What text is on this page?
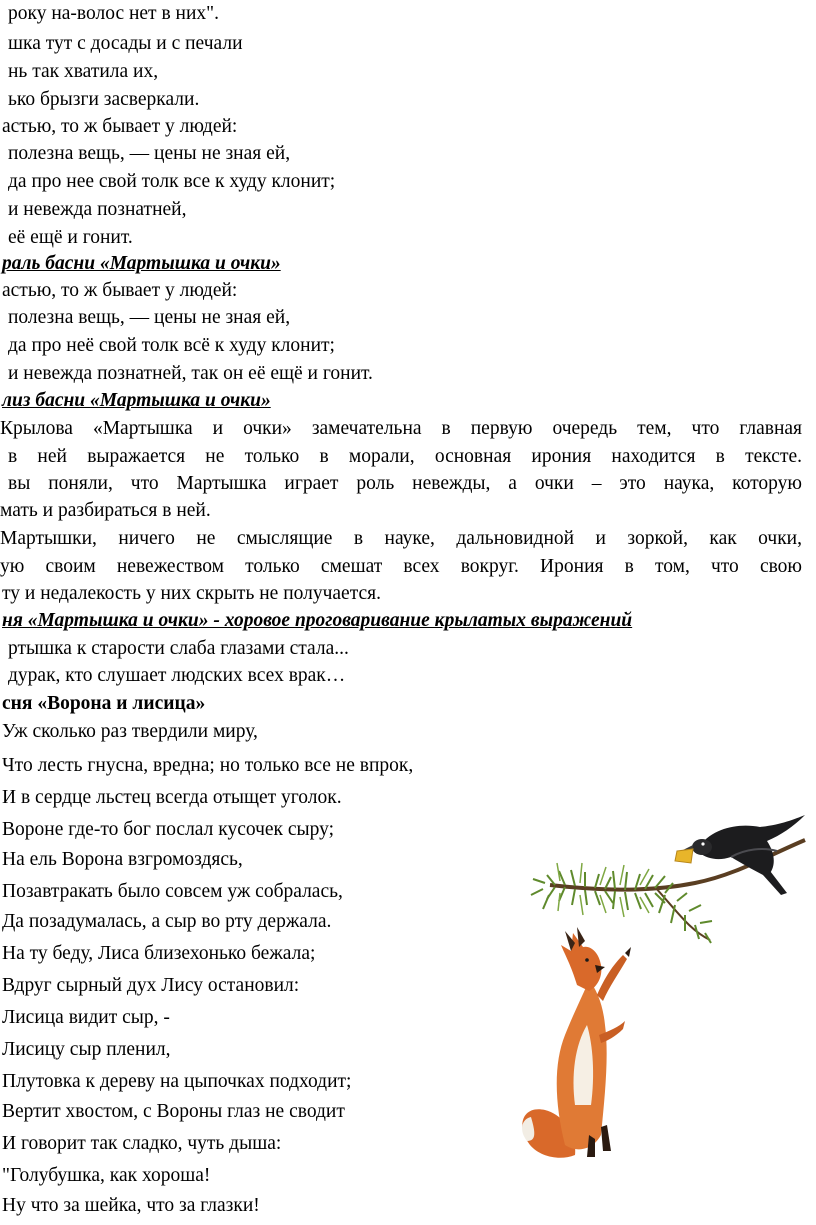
року на-волос нет в них".
шка тут с досады и с печали
нь так хватила их,
ько брызги засверкали.
астью, то ж бывает у людей:
полезна вещь, — цены не зная ей,
да про нее свой толк все к худу клонит;
и невежда познатней,
её ещё и гонит.
раль басни «Мартышка и очки»
астью, то ж бывает у людей:
полезна вещь, — цены не зная ей,
да про неё свой толк всё к худу клонит;
и невежда познатней, так он её ещё и гонит.
лиз басни «Мартышка и очки»
Крылова «Мартышка и очки» замечательна в первую очередь тем, что главная
в ней выражается не только в морали, основная ирония находится в тексте.
вы поняли, что Мартышка играет роль невежды, а очки – это наука, которую
мать и разбираться в ней.
Мартышки, ничего не смыслящие в науке, дальновидной и зоркой, как очки,
ую своим невежеством только смешат всех вокруг. Ирония в том, что свою
ту и недалекость у них скрыть не получается.
ня «Мартышка и очки» - хоровое проговаривание крылатых выражений
ртышка к старости слаба глазами стала...
дурак, кто слушает людских всех врак…
сня «Ворона и лисица»
Уж сколько раз твердили миру,
Что лесть гнусна, вредна; но только все не впрок,
И в сердце льстец всегда отыщет уголок.
Вороне где-то бог послал кусочек сыру;
На ель Ворона взгромоздясь,
Позавтракать было совсем уж собралась,
Да позадумалась, а сыр во рту держала.
На ту беду, Лиса близехонько бежала;
Вдруг сырный дух Лису остановил:
Лисица видит сыр, -
Лисицу сыр пленил,
Плутовка к дереву на цыпочках подходит;
Вертит хвостом, с Вороны глаз не сводит
И говорит так сладко, чуть дыша:
"Голубушка, как хороша!
Ну что за шейка, что за глазки!
